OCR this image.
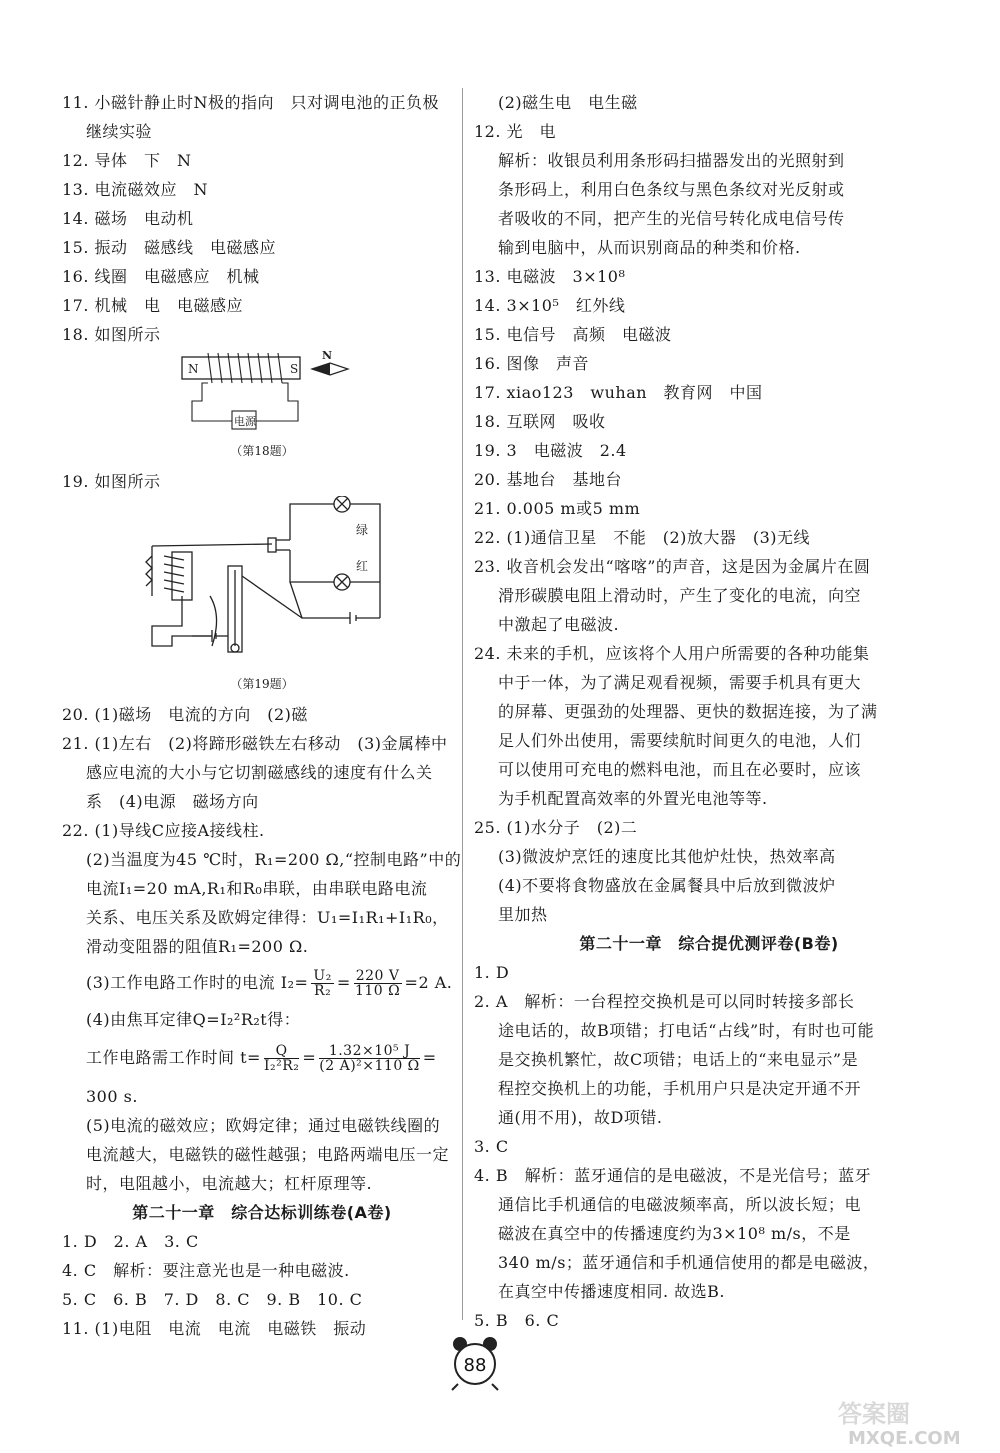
11. 小磁针静止时N极的指向　只对调电池的正负极
继续实验
12. 导体　下　N
13. 电流磁效应　N
14. 磁场　电动机
15. 振动　磁感线　电磁感应
16. 线圈　电磁感应　机械
17. 机械　电　电磁感应
18. 如图所示
N	S
电源
N
（第18题）
19. 如图所示
绿
红
（第19题）
20. (1)磁场　电流的方向　(2)磁
21. (1)左右　(2)将蹄形磁铁左右移动　(3)金属棒中
感应电流的大小与它切割磁感线的速度有什么关
系　(4)电源　磁场方向
22. (1)导线C应接A接线柱.
(2)当温度为45 ℃时，R₁=200 Ω,“控制电路”中的
电流I₁=20 mA,R₁和R₀串联，由串联电路电流
关系、电压关系及欧姆定律得：U₁=I₁R₁+I₁R₀，
滑动变阻器的阻值R₁=200 Ω.
(3)工作电路工作时的电流 $I_2= \frac{\text{U₂}}{\text{R₂}} = \frac{220 V}{110 \Omega} =2$ A.
(4)由焦耳定律Q=I₂²R₂t得：
工作电路需工作时间 $t= \frac{Q}{\text{I₂²R₂}} = \frac{\text{1.32×10⁵ J}}{\text{(2 A)²×110 Ω}}$ =
300 s.
(5)电流的磁效应；欧姆定律；通过电磁铁线圈的
电流越大，电磁铁的磁性越强；电路两端电压一定
时，电阻越小，电流越大；杠杆原理等.
第二十一章　综合达标训练卷(A卷)
1. D　2. A　3. C
4. C　解析：要注意光也是一种电磁波.
5. C　6. B　7. D　8. C　9. B　10. C
11. (1)电阻　电流　电流　电磁铁　振动
(2)磁生电　电生磁
12. 光　电
解析：收银员利用条形码扫描器发出的光照射到
条形码上，利用白色条纹与黑色条纹对光反射或
者吸收的不同，把产生的光信号转化成电信号传
输到电脑中，从而识别商品的种类和价格.
13. 电磁波　3×10⁸
14. 3×10⁵　红外线
15. 电信号　高频　电磁波
16. 图像　声音
17. xiao123　wuhan　教育网　中国
18. 互联网　吸收
19. 3　电磁波　2.4
20. 基地台　基地台
21. 0.005 m或5 mm
22. (1)通信卫星　不能　(2)放大器　(3)无线
23. 收音机会发出“喀喀”的声音，这是因为金属片在圆
滑形碳膜电阻上滑动时，产生了变化的电流，向空
中激起了电磁波.
24. 未来的手机，应该将个人用户所需要的各种功能集
中于一体，为了满足观看视频，需要手机具有更大
的屏幕、更强劲的处理器、更快的数据连接，为了满
足人们外出使用，需要续航时间更久的电池，人们
可以使用可充电的燃料电池，而且在必要时，应该
为手机配置高效率的外置光电池等等.
25. (1)水分子　(2)二
(3)微波炉烹饪的速度比其他炉灶快，热效率高
(4)不要将食物盛放在金属餐具中后放到微波炉
里加热
第二十一章　综合提优测评卷(B卷)
1. D
2. A　解析：一台程控交换机是可以同时转接多部长
途电话的，故B项错；打电话“占线”时，有时也可能
是交换机繁忙，故C项错；电话上的“来电显示”是
程控交换机上的功能，手机用户只是决定开通不开
通(用不用)，故D项错.
3. C
4. B　解析：蓝牙通信的是电磁波，不是光信号；蓝牙
通信比手机通信的电磁波频率高，所以波长短；电
磁波在真空中的传播速度约为3×10⁸ m/s，不是
340 m/s；蓝牙通信和手机通信使用的都是电磁波，
在真空中传播速度相同. 故选B.
5. B　6. C
88
答案圈
MXQE.COM
